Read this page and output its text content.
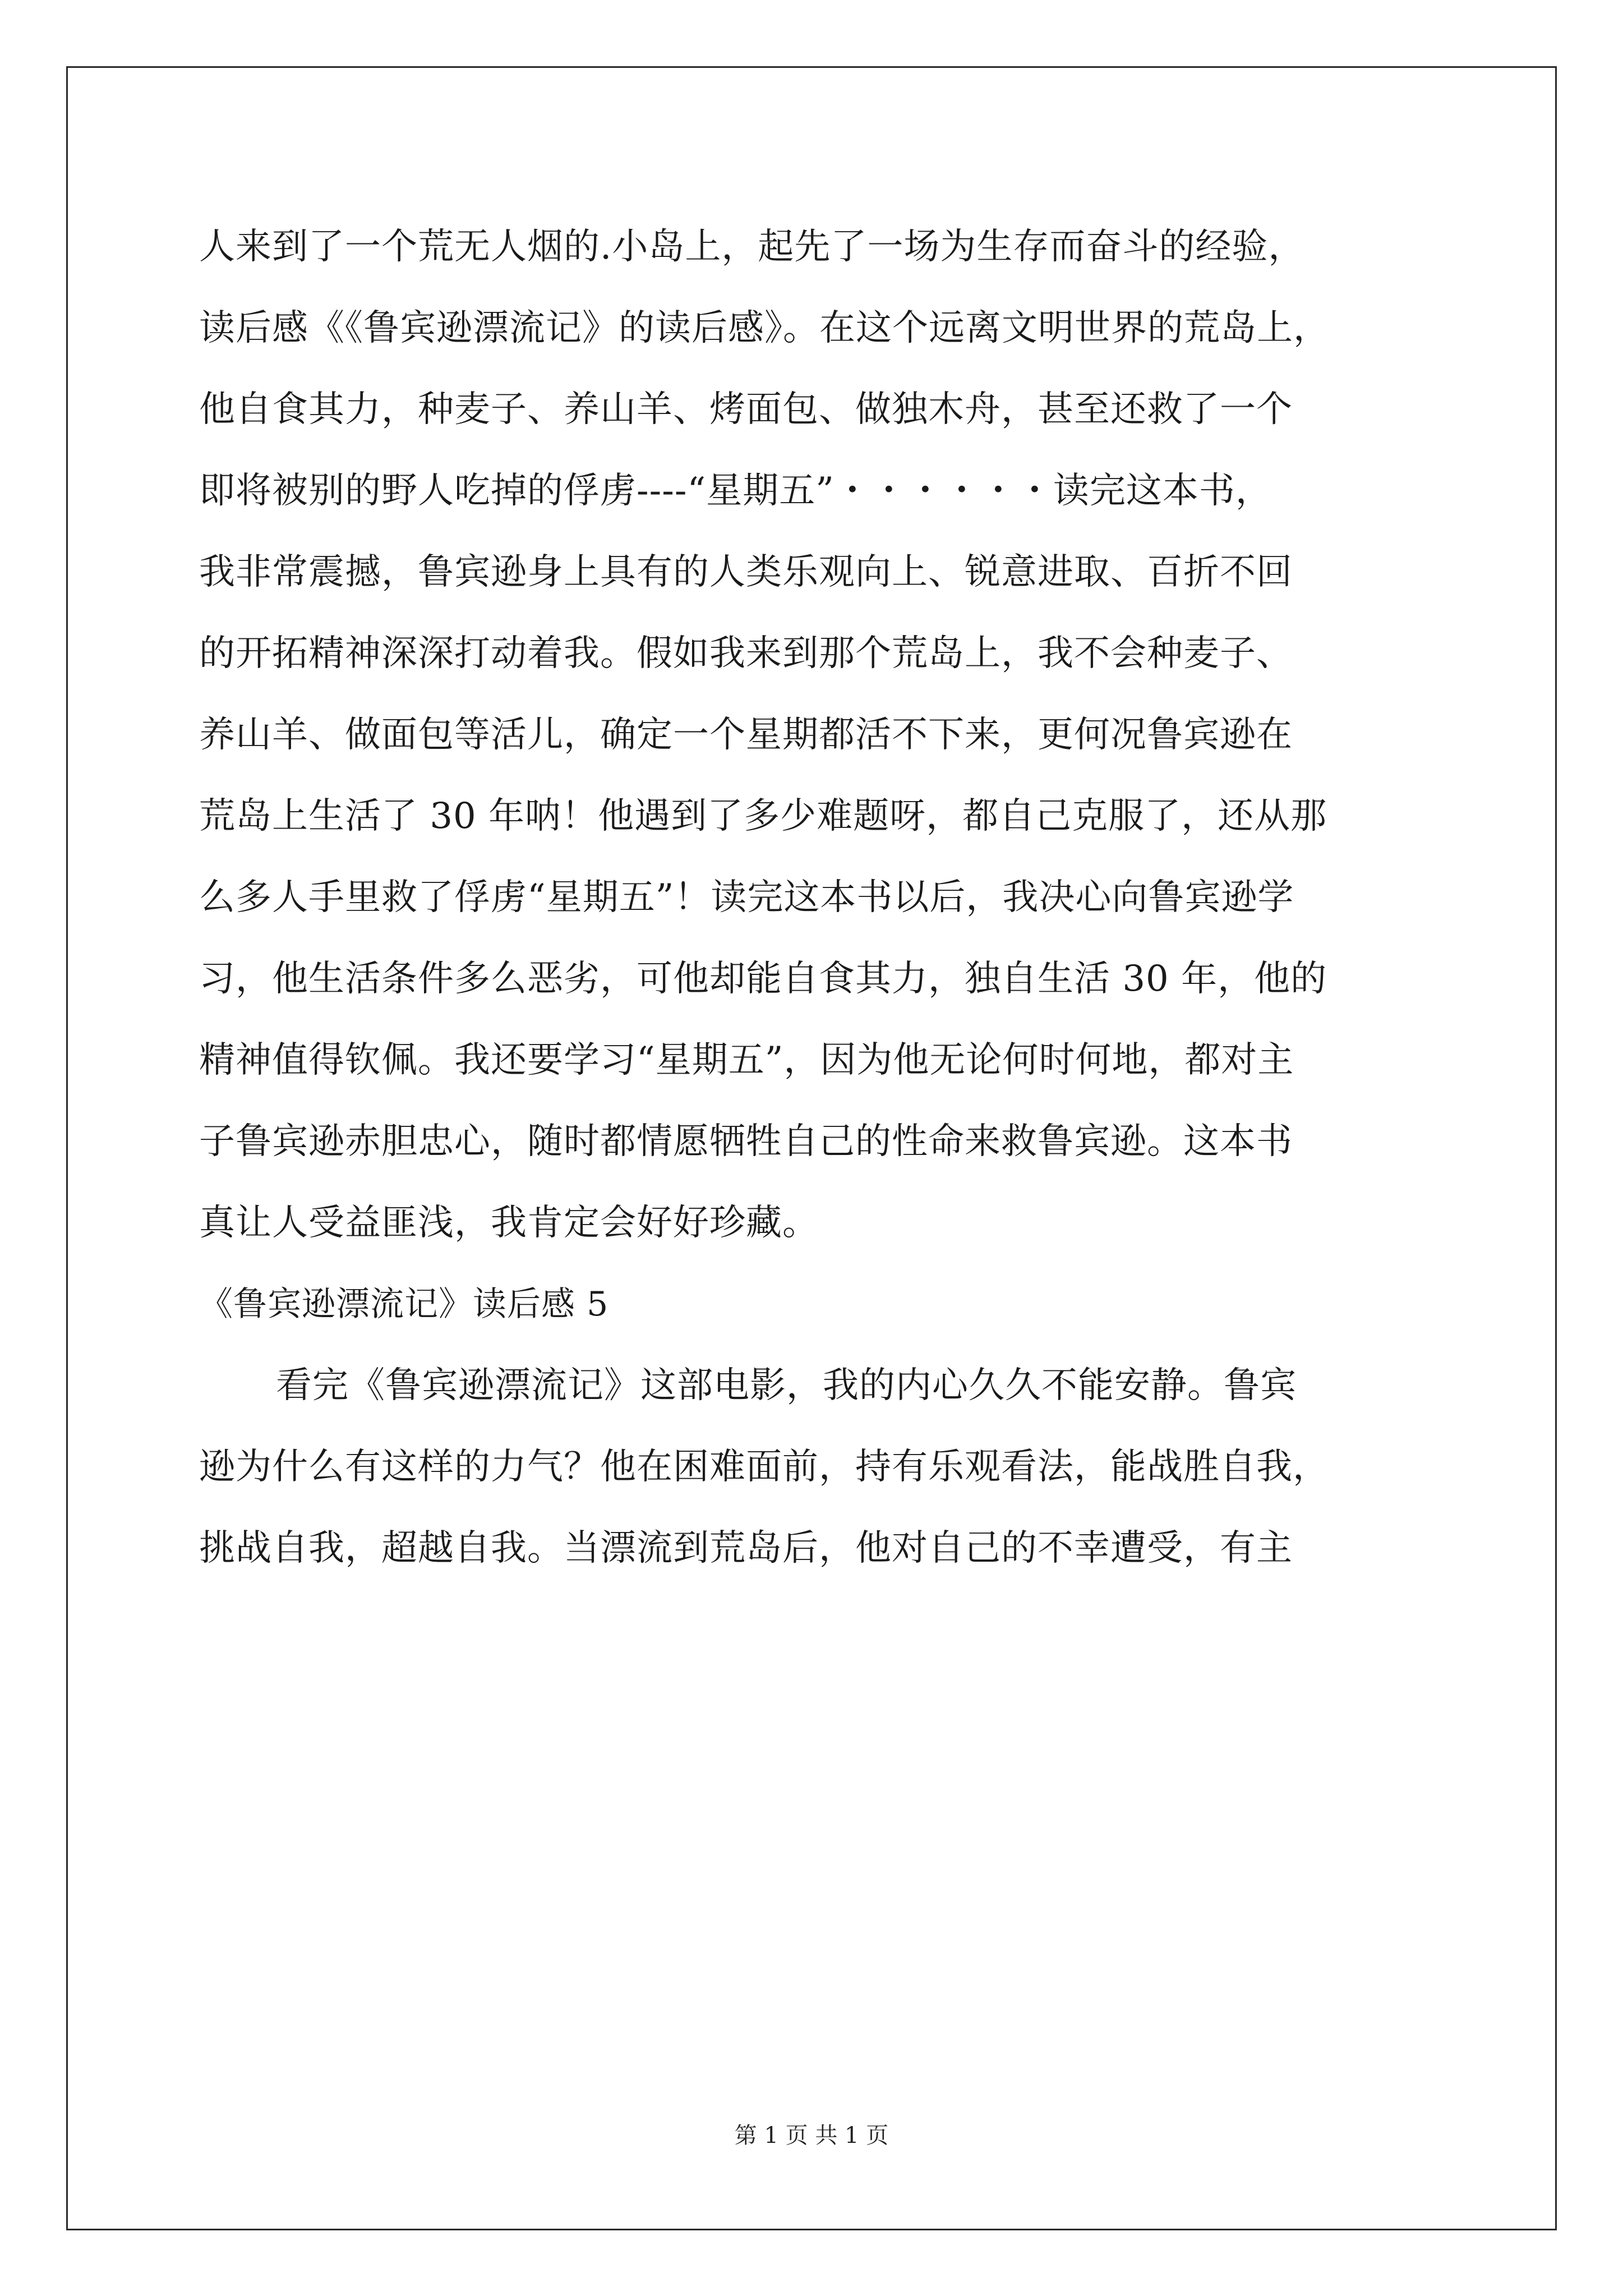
人来到了一个荒无人烟的.小岛上，起先了一场为生存而奋斗的经验，
读后感《《鲁宾逊漂流记》的读后感》。在这个远离文明世界的荒岛上，
他自食其力，种麦子、养山羊、烤面包、做独木舟，甚至还救了一个
即将被别的野人吃掉的俘虏----“星期五”・・・・・・读完这本书，
我非常震撼，鲁宾逊身上具有的人类乐观向上、锐意进取、百折不回
的开拓精神深深打动着我。假如我来到那个荒岛上，我不会种麦子、
养山羊、做面包等活儿，确定一个星期都活不下来，更何况鲁宾逊在
荒岛上生活了 30 年呐！他遇到了多少难题呀，都自己克服了，还从那
么多人手里救了俘虏“星期五”！读完这本书以后，我决心向鲁宾逊学
习，他生活条件多么恶劣，可他却能自食其力，独自生活 30 年，他的
精神值得钦佩。我还要学习“星期五”，因为他无论何时何地，都对主
子鲁宾逊赤胆忠心，随时都情愿牺牲自己的性命来救鲁宾逊。这本书
真让人受益匪浅，我肯定会好好珍藏。
《鲁宾逊漂流记》读后感 5
看完《鲁宾逊漂流记》这部电影，我的内心久久不能安静。鲁宾
逊为什么有这样的力气？他在困难面前，持有乐观看法，能战胜自我，
挑战自我，超越自我。当漂流到荒岛后，他对自己的不幸遭受，有主
第 1 页 共 1 页
